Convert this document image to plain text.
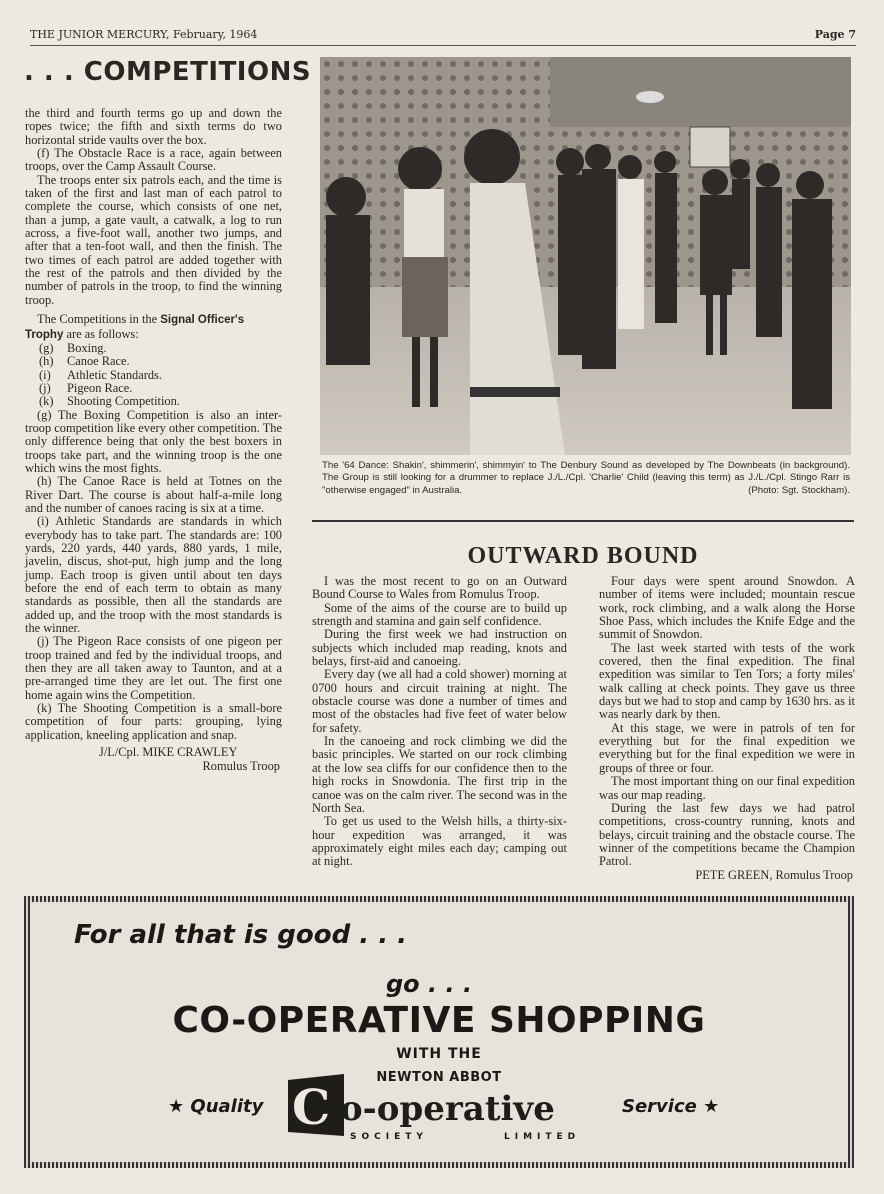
THE JUNIOR MERCURY, February, 1964	Page 7
. . . COMPETITIONS

the third and fourth terms go up and down the ropes twice; the fifth and sixth terms do two horizontal stride vaults over the box.

(f) The Obstacle Race is a race, again between troops, over the Camp Assault Course.

The troops enter six patrols each, and the time is taken of the first and last man of each patrol to complete the course, which consists of one net, than a jump, a gate vault, a catwalk, a log to run across, a five-foot wall, another two jumps, and after that a ten-foot wall, and then the finish. The two times of each patrol are added together with the rest of the patrols and then divided by the number of patrols in the troop, to find the winning troop.

The Competitions in the Signal Officer's Trophy are as follows:

(g) Boxing.
(h) Canoe Race.
(i) Athletic Standards.
(j) Pigeon Race.
(k) Shooting Competition.

(g) The Boxing Competition is also an inter-troop competition like every other competition. The only difference being that only the best boxers in troops take part, and the winning troop is the one which wins the most fights.

(h) The Canoe Race is held at Totnes on the River Dart. The course is about half-a-mile long and the number of canoes racing is six at a time.

(i) Athletic Standards are standards in which everybody has to take part. The standards are: 100 yards, 220 yards, 440 yards, 880 yards, 1 mile, javelin, discus, shot-put, high jump and the long jump. Each troop is given until about ten days before the end of each term to obtain as many standards as possible, then all the standards are added up, and the troop with the most standards is the winner.

(j) The Pigeon Race consists of one pigeon per troop trained and fed by the individual troops, and then they are all taken away to Taunton, and at a pre-arranged time they are let out. The first one home again wins the Competition.

(k) The Shooting Competition is a small-bore competition of four parts: grouping, lying application, kneeling application and snap.

J/L/Cpl. MIKE CRAWLEY
Romulus Troop
The '64 Dance: Shakin', shimmerin', shimmyin' to The Denbury Sound as developed by The Downbeats (in background). The Group is still looking for a drummer to replace J./L./Cpl. 'Charlie' Child (leaving this term) as J./L./Cpl. Stingo Rarr is "otherwise engaged" in Australia.	(Photo: Sgt. Stockham).
OUTWARD BOUND

I was the most recent to go on an Outward Bound Course to Wales from Romulus Troop.

Some of the aims of the course are to build up strength and stamina and gain self confidence.

During the first week we had instruction on subjects which included map reading, knots and belays, first-aid and canoeing.

Every day (we all had a cold shower) morning at 0700 hours and circuit training at night. The obstacle course was done a number of times and most of the obstacles had five feet of water below for safety.

In the canoeing and rock climbing we did the basic principles. We started on our rock climbing at the low sea cliffs for our confidence then to the high rocks in Snowdonia. The first trip in the canoe was on the calm river. The second was in the North Sea.

To get us used to the Welsh hills, a thirty-six-hour expedition was arranged, it was approximately eight miles each day; camping out at night.

Four days were spent around Snowdon. A number of items were included; mountain rescue work, rock climbing, and a walk along the Horse Shoe Pass, which includes the Knife Edge and the summit of Snowdon.

The last week started with tests of the work covered, then the final expedition. The final expedition was similar to Ten Tors; a forty miles' walk calling at check points. They gave us three days but we had to stop and camp by 1630 hrs. as it was nearly dark by then.

At this stage, we were in patrols of ten for everything but for the final expedition we everything but for the final expedition we were in groups of three or four.

The most important thing on our final expedition was our map reading.

During the last few days we had patrol competitions, cross-country running, knots and belays, circuit training and the obstacle course. The winner of the competitions became the Champion Patrol.

PETE GREEN, Romulus Troop
For all that is good . . .
go . . .
CO-OPERATIVE SHOPPING
WITH THE
NEWTON ABBOT
★ Quality	Service ★
C o-operative
SOCIETY	LIMITED
